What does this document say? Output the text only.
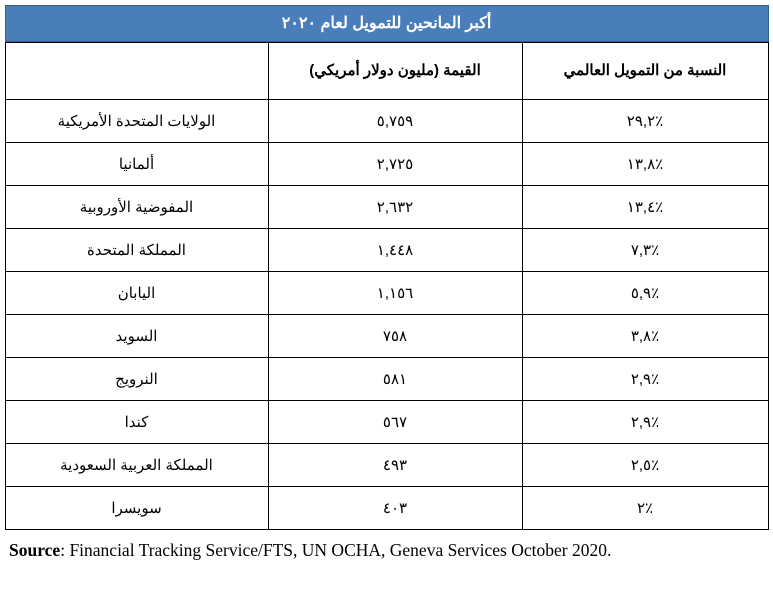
أكبر المانحين للتمويل لعام ٢٠٢٠
النسبة من التمويل العالمي	القيمة (مليون دولار أمريكي)	
٪٢٩,٢	٥,٧٥٩	الولايات المتحدة الأمريكية
٪١٣,٨	٢,٧٢٥	ألمانيا
٪١٣,٤	٢,٦٣٢	المفوضية الأوروبية
٪٧,٣	١,٤٤٨	المملكة المتحدة
٪٥,٩	١,١٥٦	اليابان
٪٣,٨	٧٥٨	السويد
٪٢,٩	٥٨١	النرويج
٪٢,٩	٥٦٧	كندا
٪٢,٥	٤٩٣	المملكة العربية السعودية
٪٢	٤٠٣	سويسرا

Source: Financial Tracking Service/FTS, UN OCHA, Geneva Services October 2020.
